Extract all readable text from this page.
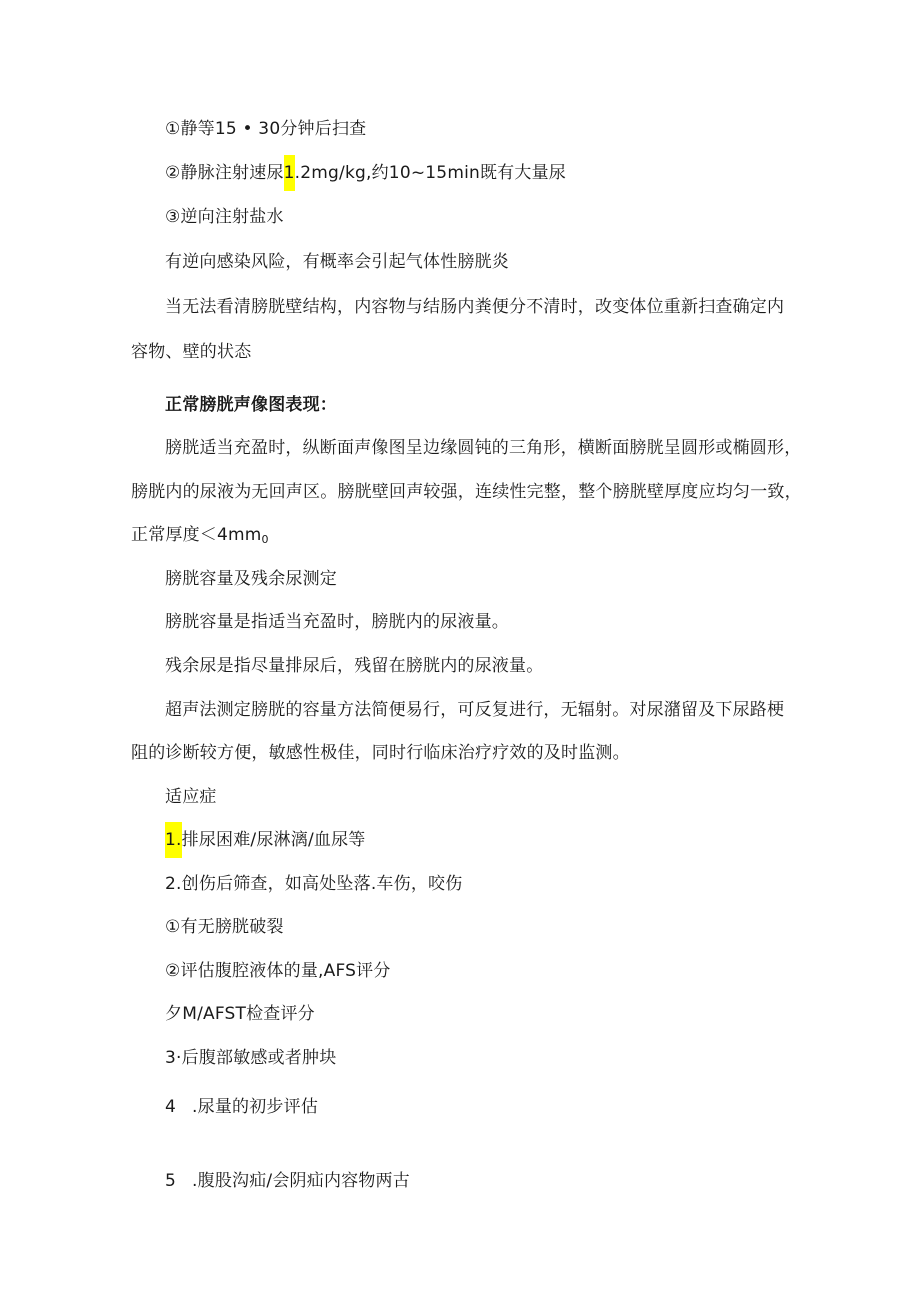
①静等15 • 30分钟后扫查
②静脉注射速尿1.2mg∕kg,约10~15min既有大量尿
③逆向注射盐水
有逆向感染风险，有概率会引起气体性膀胱炎
当无法看清膀胱壁结构，内容物与结肠内粪便分不清时，改变体位重新扫查确定内
容物、壁的状态
正常膀胱声像图表现：
膀胱适当充盈时，纵断面声像图呈边缘圆钝的三角形，横断面膀胱呈圆形或椭圆形，
膀胱内的尿液为无回声区。膀胱壁回声较强，连续性完整，整个膀胱壁厚度应均匀一致，
正常厚度$<4mm_0$
膀胱容量及残余尿测定
膀胱容量是指适当充盈时，膀胱内的尿液量。
残余尿是指尽量排尿后，残留在膀胱内的尿液量。
超声法测定膀胱的容量方法简便易行，可反复进行，无辐射。对尿潴留及下尿路梗
阻的诊断较方便，敏感性极佳，同时行临床治疗疗效的及时监测。
适应症
1.排尿困难/尿淋漓/血尿等
2.创伤后筛查，如高处坠落.车伤，咬伤
①有无膀胱破裂
②评估腹腔液体的量,AFS评分
夕M/AFST检查评分
3·后腹部敏感或者肿块
4 .尿量的初步评估
5 .腹股沟疝/会阴疝内容物两古
